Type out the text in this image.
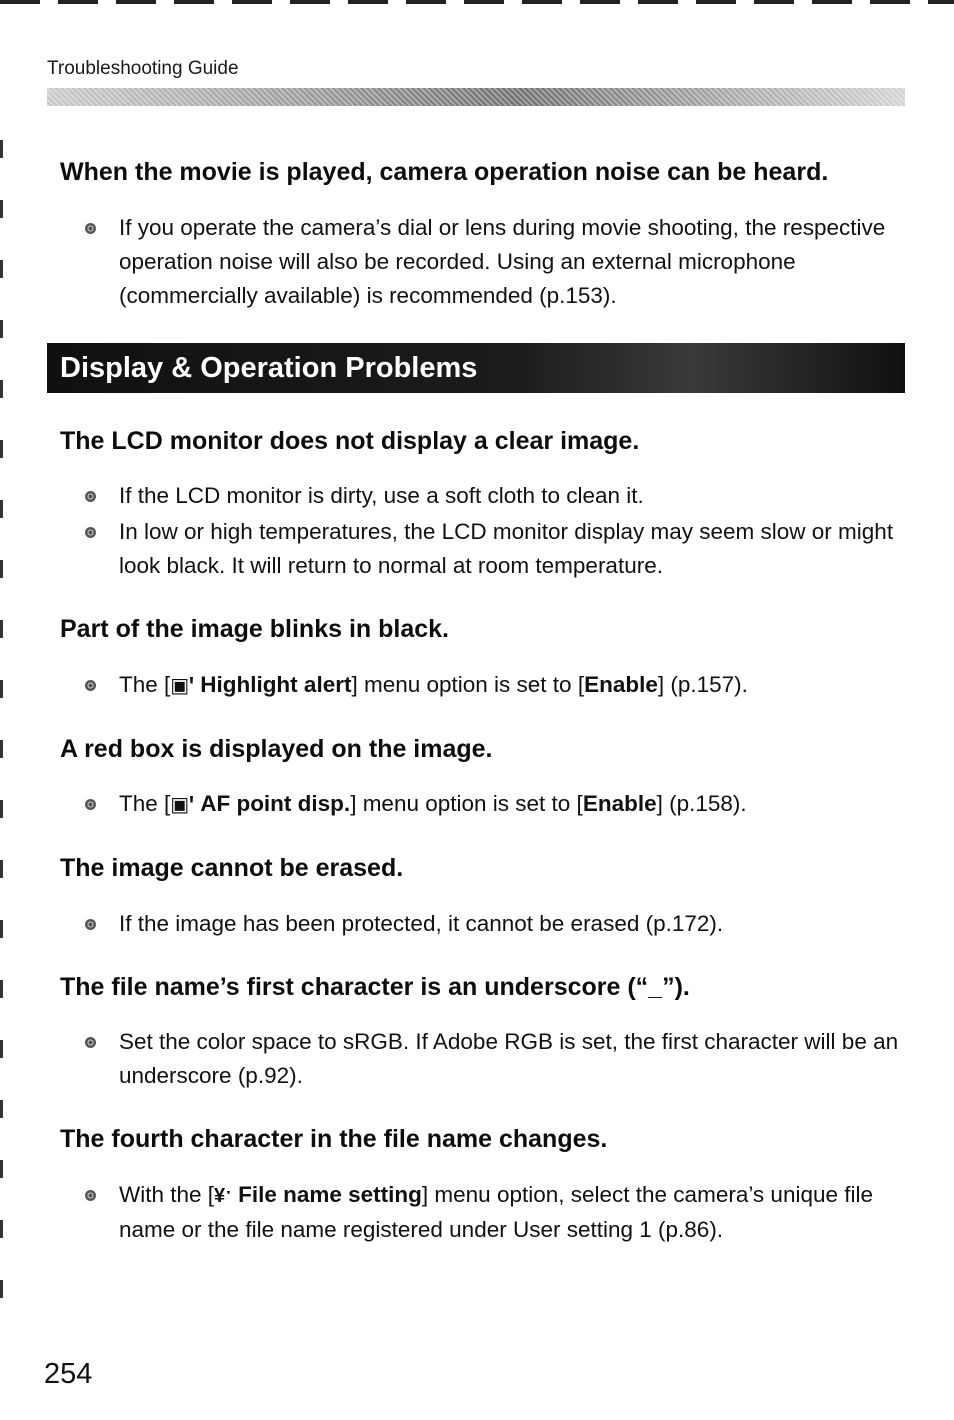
Troubleshooting Guide
When the movie is played, camera operation noise can be heard.
If you operate the camera’s dial or lens during movie shooting, the respective operation noise will also be recorded. Using an external microphone (commercially available) is recommended (p.153).
Display & Operation Problems
The LCD monitor does not display a clear image.
If the LCD monitor is dirty, use a soft cloth to clean it.
In low or high temperatures, the LCD monitor display may seem slow or might look black. It will return to normal at room temperature.
Part of the image blinks in black.
The [▣ꞌ Highlight alert] menu option is set to [Enable] (p.157).
A red box is displayed on the image.
The [▣ꞌ AF point disp.] menu option is set to [Enable] (p.158).
The image cannot be erased.
If the image has been protected, it cannot be erased (p.172).
The file name’s first character is an underscore (“_”).
Set the color space to sRGB. If Adobe RGB is set, the first character will be an underscore (p.92).
The fourth character in the file name changes.
With the [¥ˑ File name setting] menu option, select the camera’s unique file name or the file name registered under User setting 1 (p.86).
254
